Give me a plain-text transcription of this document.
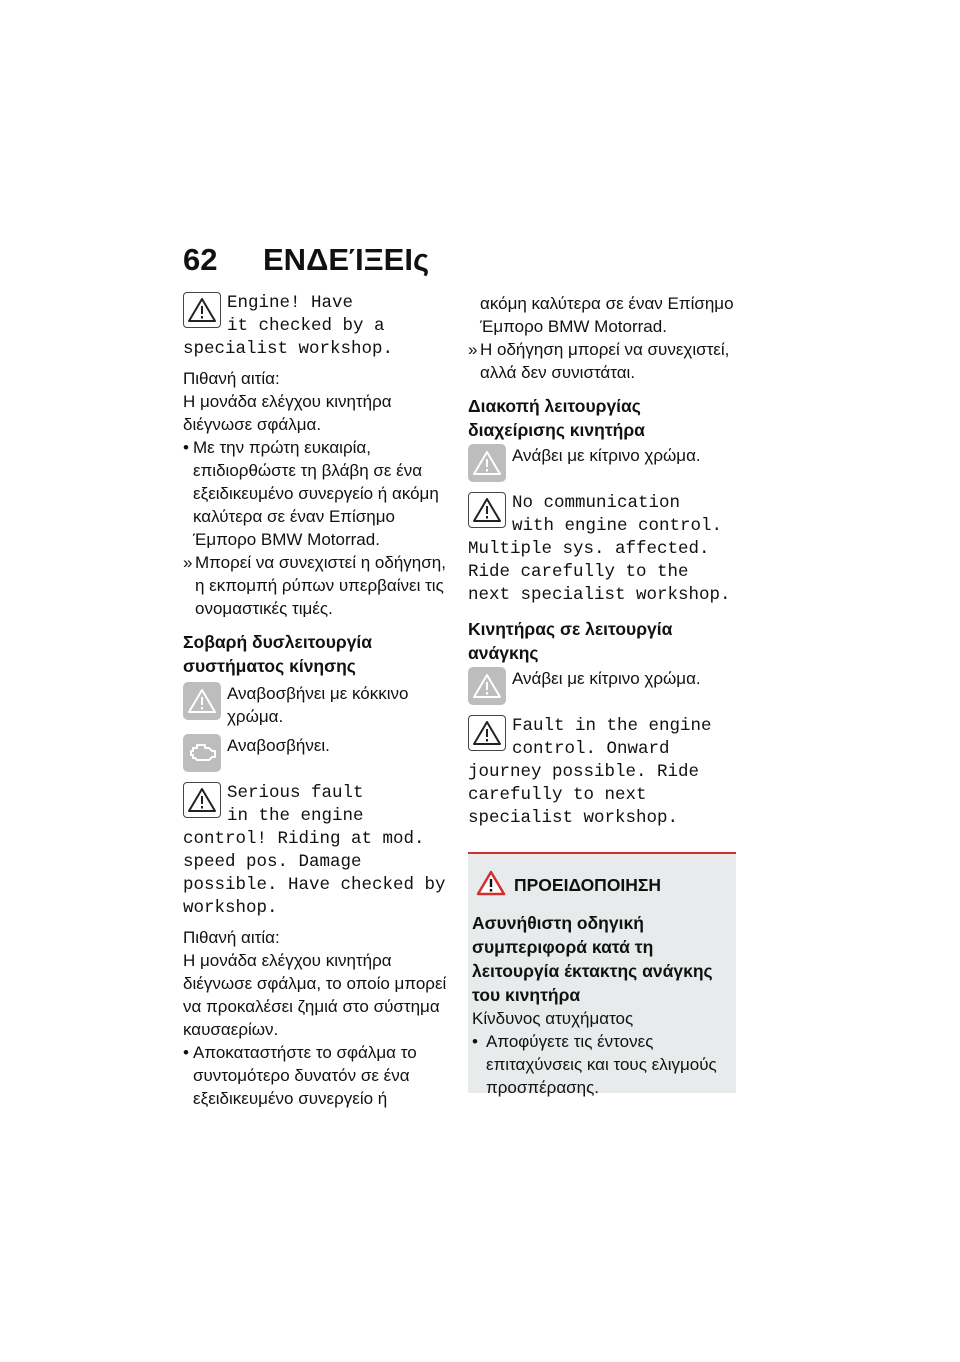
62 ΕΝΔΕΊΞΕΙς
Engine! Have
it checked by a
specialist workshop.
Πιθανή αιτία:
Η μονάδα ελέγχου κινητήρα διέγνωσε σφάλμα.
• Με την πρώτη ευκαιρία, επιδιορθώστε τη βλάβη σε ένα εξειδικευμένο συνεργείο ή ακόμη καλύτερα σε έναν Επίσημο Έμπορο BMW Motorrad.
» Μπορεί να συνεχιστεί η οδήγηση, η εκπομπή ρύπων υπερβαίνει τις ονομαστικές τιμές.
Σοβαρή δυσλειτουργία συστήματος κίνησης
Αναβοσβήνει με κόκκινο χρώμα.
Αναβοσβήνει.
Serious fault
in the engine
control! Riding at mod. speed pos. Damage possible. Have checked by workshop.
Πιθανή αιτία:
Η μονάδα ελέγχου κινητήρα διέγνωσε σφάλμα, το οποίο μπορεί να προκαλέσει ζημιά στο σύστημα καυσαερίων.
• Αποκαταστήστε το σφάλμα το συντομότερο δυνατόν σε ένα εξειδικευμένο συνεργείο ή
ακόμη καλύτερα σε έναν Επίσημο Έμπορο BMW Motorrad.
» Η οδήγηση μπορεί να συνεχιστεί, αλλά δεν συνιστάται.
Διακοπή λειτουργίας διαχείρισης κινητήρα
Ανάβει με κίτρινο χρώμα.
No communication
with engine control.
Multiple sys. affected. Ride carefully to the next specialist workshop.
Κινητήρας σε λειτουργία ανάγκης
Ανάβει με κίτρινο χρώμα.
Fault in the engine
control. Onward
journey possible. Ride carefully to next specialist workshop.
ΠΡΟΕΙΔΟΠΟΙΗΣΗ
Ασυνήθιστη οδηγική συμπεριφορά κατά τη λειτουργία έκτακτης ανάγκης του κινητήρα
Κίνδυνος ατυχήματος
• Αποφύγετε τις έντονες επιταχύνσεις και τους ελιγμούς προσπέρασης.
